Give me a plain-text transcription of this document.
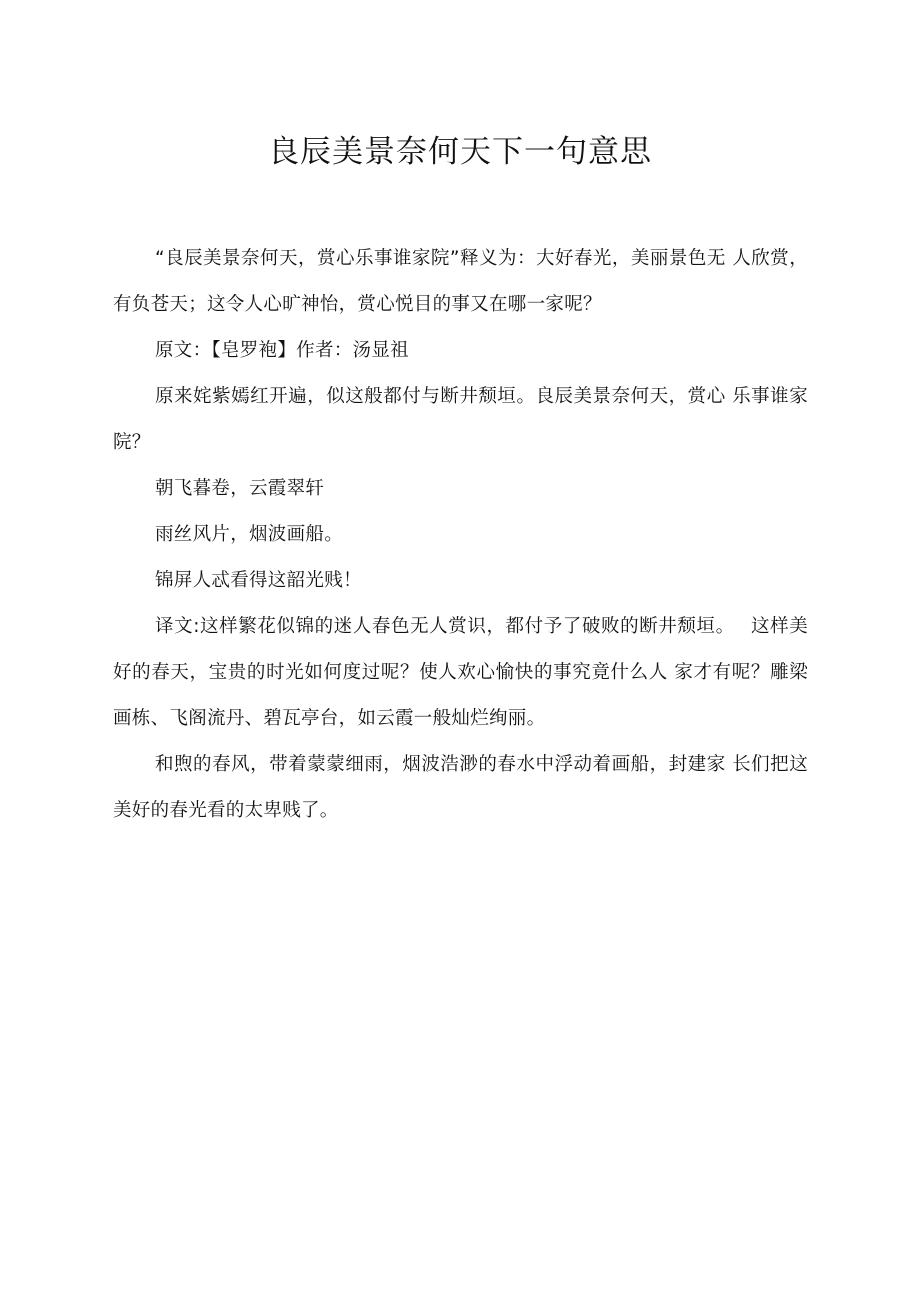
良辰美景奈何天下一句意思

“良辰美景奈何天，赏心乐事谁家院”释义为：大好春光，美丽景色无 人欣赏，有负苍天；这令人心旷神怡，赏心悦目的事又在哪一家呢？

原文：【皂罗袍】作者：汤显祖

原来姹紫嫣红开遍，似这般都付与断井颓垣。良辰美景奈何天，赏心 乐事谁家院？

朝飞暮卷，云霞翠轩

雨丝风片，烟波画船。

锦屏人忒看得这韶光贱！

译文:这样繁花似锦的迷人春色无人赏识，都付予了破败的断井颓垣。　 这样美好的春天，宝贵的时光如何度过呢？使人欢心愉快的事究竟什么人 家才有呢？雕梁画栋、飞阁流丹、碧瓦亭台，如云霞一般灿烂绚丽。

和煦的春风，带着蒙蒙细雨，烟波浩渺的春水中浮动着画船，封建家 长们把这美好的春光看的太卑贱了。
